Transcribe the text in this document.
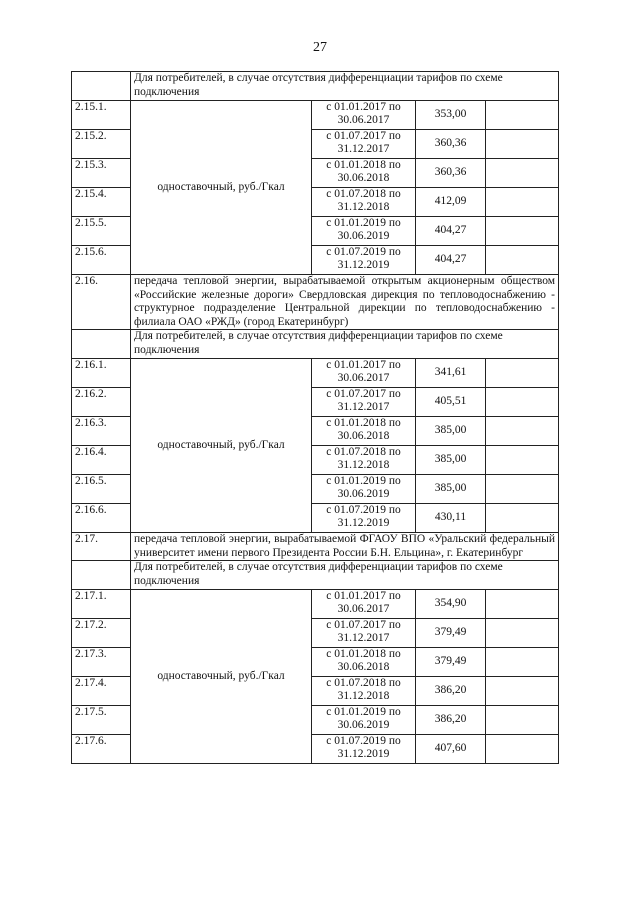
27
	Для потребителей, в случае отсутствия дифференциации тарифов по схеме подключения			
2.15.1.	одноставочный, руб./Гкал	с 01.01.2017 по 30.06.2017	353,00	
2.15.2.		с 01.07.2017 по 31.12.2017	360,36	
2.15.3.		с 01.01.2018 по 30.06.2018	360,36	
2.15.4.		с 01.07.2018 по 31.12.2018	412,09	
2.15.5.		с 01.01.2019 по 30.06.2019	404,27	
2.15.6.		с 01.07.2019 по 31.12.2019	404,27	
2.16.	передача тепловой энергии, вырабатываемой открытым акционерным обществом «Российские железные дороги» Свердловская дирекция по тепловодоснабжению - структурное подразделение Центральной дирекции по тепловодоснабжению - филиала ОАО «РЖД» (город Екатеринбург)			
	Для потребителей, в случае отсутствия дифференциации тарифов по схеме подключения			
2.16.1.	одноставочный, руб./Гкал	с 01.01.2017 по 30.06.2017	341,61	
2.16.2.		с 01.07.2017 по 31.12.2017	405,51	
2.16.3.		с 01.01.2018 по 30.06.2018	385,00	
2.16.4.		с 01.07.2018 по 31.12.2018	385,00	
2.16.5.		с 01.01.2019 по 30.06.2019	385,00	
2.16.6.		с 01.07.2019 по 31.12.2019	430,11	
2.17.	передача тепловой энергии, вырабатываемой ФГАОУ ВПО «Уральский федеральный университет имени первого Президента России Б.Н. Ельцина», г. Екатеринбург			
	Для потребителей, в случае отсутствия дифференциации тарифов по схеме подключения			
2.17.1.	одноставочный, руб./Гкал	с 01.01.2017 по 30.06.2017	354,90	
2.17.2.		с 01.07.2017 по 31.12.2017	379,49	
2.17.3.		с 01.01.2018 по 30.06.2018	379,49	
2.17.4.		с 01.07.2018 по 31.12.2018	386,20	
2.17.5.		с 01.01.2019 по 30.06.2019	386,20	
2.17.6.		с 01.07.2019 по 31.12.2019	407,60	
